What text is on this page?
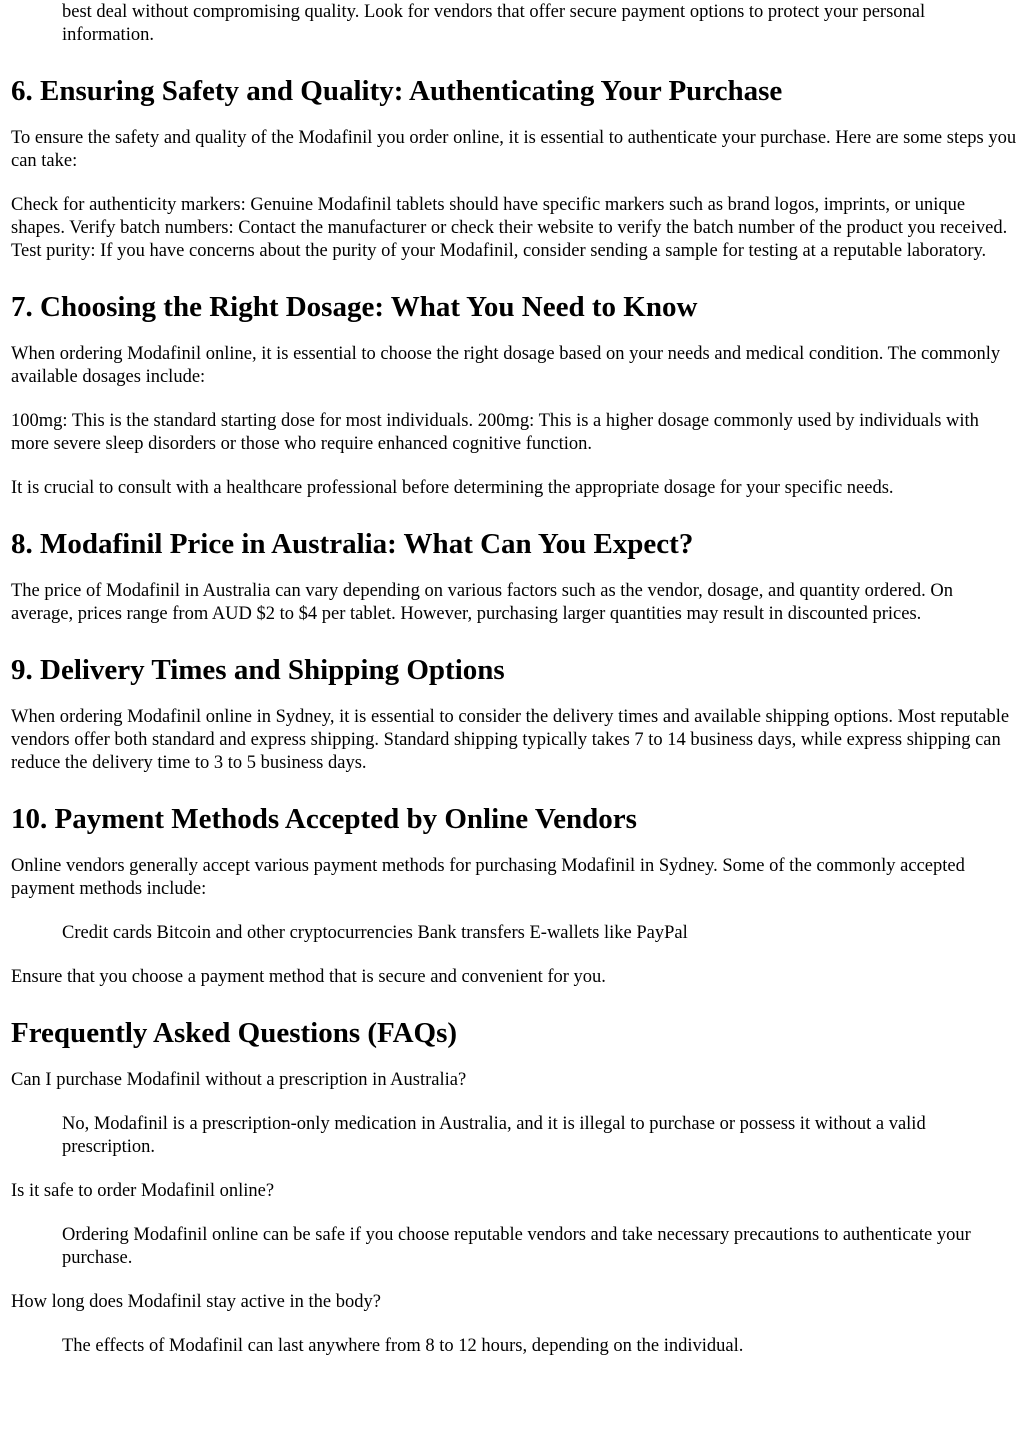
best deal without compromising quality. Look for vendors that offer secure payment options to protect your personal information.

6. Ensuring Safety and Quality: Authenticating Your Purchase

To ensure the safety and quality of the Modafinil you order online, it is essential to authenticate your purchase. Here are some steps you can take:

Check for authenticity markers: Genuine Modafinil tablets should have specific markers such as brand logos, imprints, or unique shapes. Verify batch numbers: Contact the manufacturer or check their website to verify the batch number of the product you received. Test purity: If you have concerns about the purity of your Modafinil, consider sending a sample for testing at a reputable laboratory.

7. Choosing the Right Dosage: What You Need to Know

When ordering Modafinil online, it is essential to choose the right dosage based on your needs and medical condition. The commonly available dosages include:

100mg: This is the standard starting dose for most individuals. 200mg: This is a higher dosage commonly used by individuals with more severe sleep disorders or those who require enhanced cognitive function.

It is crucial to consult with a healthcare professional before determining the appropriate dosage for your specific needs.

8. Modafinil Price in Australia: What Can You Expect?

The price of Modafinil in Australia can vary depending on various factors such as the vendor, dosage, and quantity ordered. On average, prices range from AUD $2 to $4 per tablet. However, purchasing larger quantities may result in discounted prices.

9. Delivery Times and Shipping Options

When ordering Modafinil online in Sydney, it is essential to consider the delivery times and available shipping options. Most reputable vendors offer both standard and express shipping. Standard shipping typically takes 7 to 14 business days, while express shipping can reduce the delivery time to 3 to 5 business days.

10. Payment Methods Accepted by Online Vendors

Online vendors generally accept various payment methods for purchasing Modafinil in Sydney. Some of the commonly accepted payment methods include:

Credit cards Bitcoin and other cryptocurrencies Bank transfers E-wallets like PayPal

Ensure that you choose a payment method that is secure and convenient for you.

Frequently Asked Questions (FAQs)

Can I purchase Modafinil without a prescription in Australia?

No, Modafinil is a prescription-only medication in Australia, and it is illegal to purchase or possess it without a valid prescription.

Is it safe to order Modafinil online?

Ordering Modafinil online can be safe if you choose reputable vendors and take necessary precautions to authenticate your purchase.

How long does Modafinil stay active in the body?

The effects of Modafinil can last anywhere from 8 to 12 hours, depending on the individual.
